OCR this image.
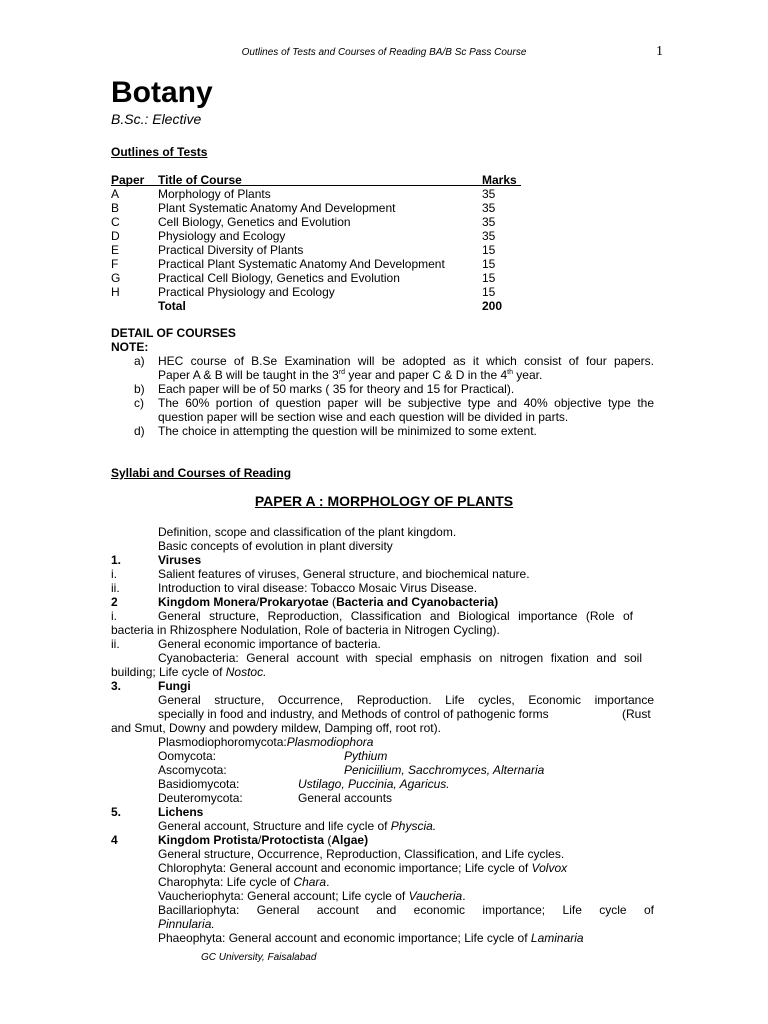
Outlines of Tests and Courses of Reading BA/B Sc Pass Course	1
Botany
B.Sc.: Elective
Outlines of Tests
Paper Title of Course	Marks
A	Morphology of Plants	35
B	Plant Systematic Anatomy And Development	35
C	Cell Biology, Genetics and Evolution	35
D	Physiology and Ecology	35
E	Practical Diversity of Plants	15
F	Practical Plant Systematic Anatomy And Development	15
G	Practical Cell Biology, Genetics and Evolution	15
H	Practical Physiology and Ecology	15
Total	200
DETAIL OF COURSES
NOTE:
a) HEC course of B.Se Examination will be adopted as it which consist of four papers.
Paper A & B will be taught in the 3rd year and paper C & D in the 4th year.
b) Each paper will be of 50 marks ( 35 for theory and 15 for Practical).
c) The 60% portion of question paper will be subjective type and 40% objective type the
question paper will be section wise and each question will be divided in parts.
d) The choice in attempting the question will be minimized to some extent.
Syllabi and Courses of Reading
PAPER A : MORPHOLOGY OF PLANTS
Definition, scope and classification of the plant kingdom.
Basic concepts of evolution in plant diversity
1.	Viruses
i.	Salient features of viruses, General structure, and biochemical nature.
ii.	Introduction to viral disease: Tobacco Mosaic Virus Disease.
2	Kingdom Monera/Prokaryotae (Bacteria and Cyanobacteria)
i.	General structure, Reproduction, Classification and Biological importance (Role of
bacteria in Rhizosphere Nodulation, Role of bacteria in Nitrogen Cycling).
ii.	General economic importance of bacteria.
Cyanobacteria: General account with special emphasis on nitrogen fixation and soil
building; Life cycle of Nostoc.
3.	Fungi
General structure, Occurrence, Reproduction. Life cycles, Economic importance
specially in food and industry, and Methods of control of pathogenic forms	(Rust
and Smut, Downy and powdery mildew, Damping off, root rot).
Plasmodiophoromycota:Plasmodiophora
Oomycota:	Pythium
Ascomycota:	Peniciilium, Sacchromyces, Alternaria
Basidiomycota:	Ustilago, Puccinia, Agaricus.
Deuteromycota:	General accounts
5.	Lichens
General account, Structure and life cycle of Physcia.
4	Kingdom Protista/Protoctista (Algae)
General structure, Occurrence, Reproduction, Classification, and Life cycles.
Chlorophyta: General account and economic importance; Life cycle of Volvox
Charophyta: Life cycle of Chara.
Vaucheriophyta: General account; Life cycle of Vaucheria.
Bacillariophyta: General account and economic importance; Life cycle of
Pinnularia.
Phaeophyta: General account and economic importance; Life cycle of Laminaria
GC University, Faisalabad
